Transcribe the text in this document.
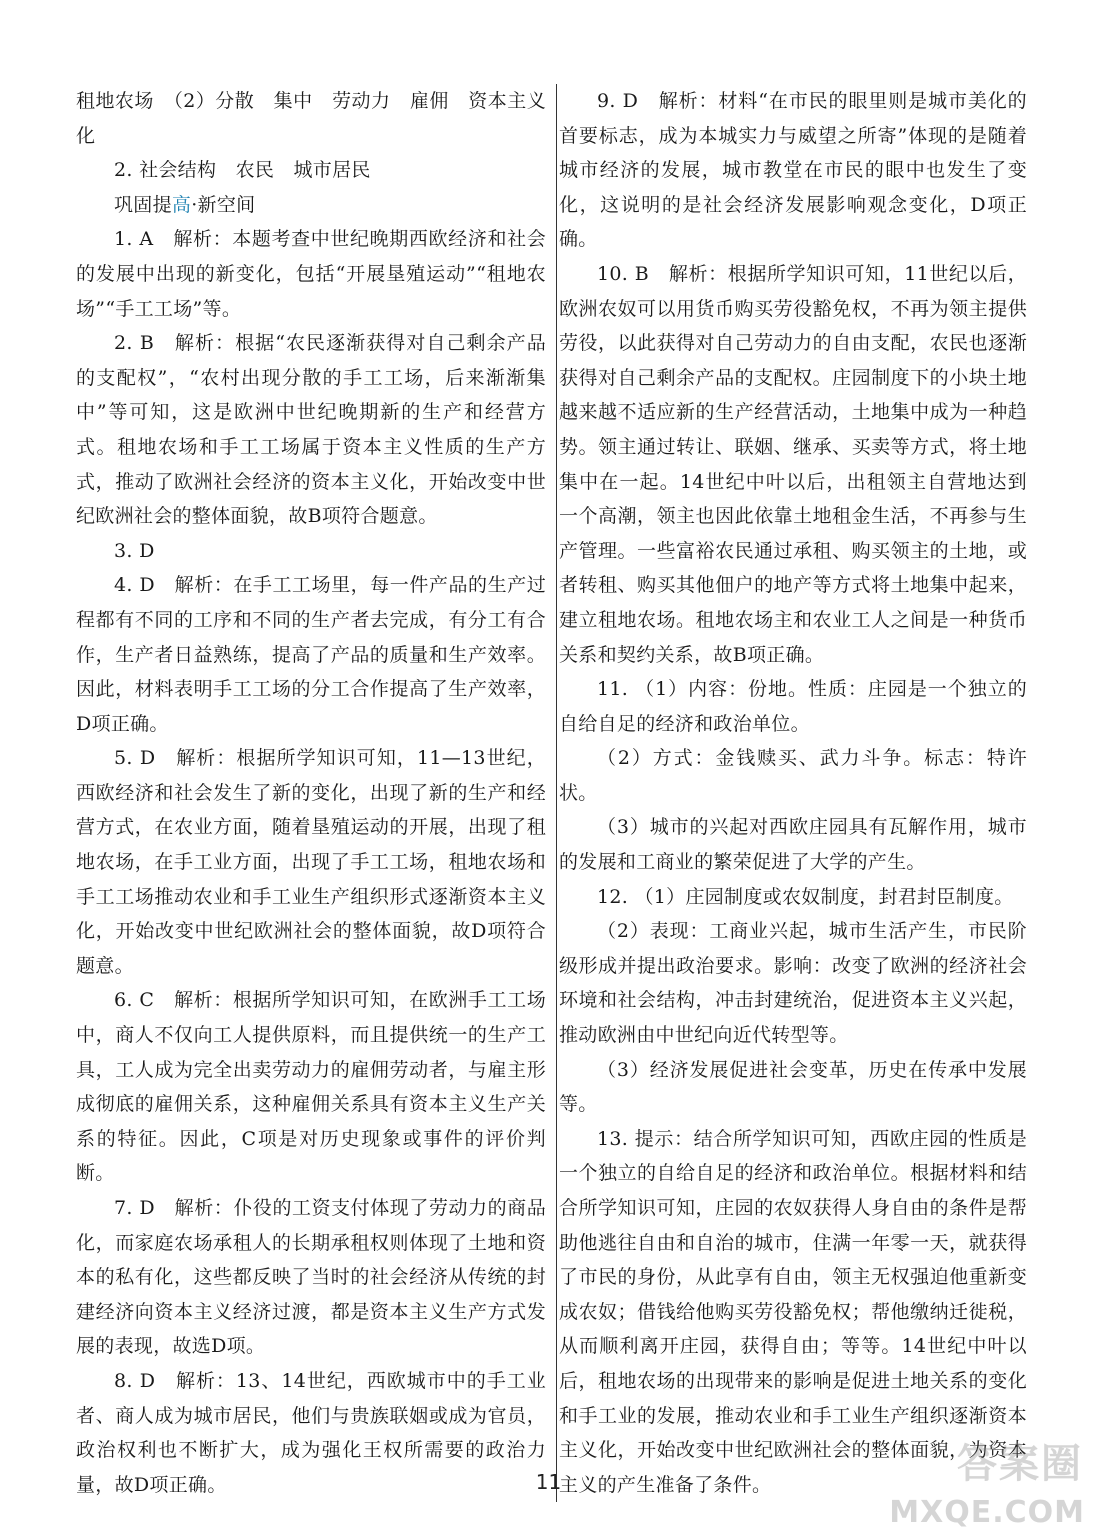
租地农场　（2）分散　集中　劳动力　雇佣　资本主义化

2. 社会结构　农民　城市居民

巩固提高·新空间

1. A　解析：本题考查中世纪晚期西欧经济和社会的发展中出现的新变化，包括“开展垦殖运动”“租地农场”“手工工场”等。

2. B　解析：根据“农民逐渐获得对自己剩余产品的支配权”，“农村出现分散的手工工场，后来渐渐集中”等可知，这是欧洲中世纪晚期新的生产和经营方式。租地农场和手工工场属于资本主义性质的生产方式，推动了欧洲社会经济的资本主义化，开始改变中世纪欧洲社会的整体面貌，故B项符合题意。

3. D

4. D　解析：在手工工场里，每一件产品的生产过程都有不同的工序和不同的生产者去完成，有分工有合作，生产者日益熟练，提高了产品的质量和生产效率。因此，材料表明手工工场的分工合作提高了生产效率，D项正确。

5. D　解析：根据所学知识可知，11—13世纪，西欧经济和社会发生了新的变化，出现了新的生产和经营方式，在农业方面，随着垦殖运动的开展，出现了租地农场，在手工业方面，出现了手工工场，租地农场和手工工场推动农业和手工业生产组织形式逐渐资本主义化，开始改变中世纪欧洲社会的整体面貌，故D项符合题意。

6. C　解析：根据所学知识可知，在欧洲手工工场中，商人不仅向工人提供原料，而且提供统一的生产工具，工人成为完全出卖劳动力的雇佣劳动者，与雇主形成彻底的雇佣关系，这种雇佣关系具有资本主义生产关系的特征。因此，C项是对历史现象或事件的评价判断。

7. D　解析：仆役的工资支付体现了劳动力的商品化，而家庭农场承租人的长期承租权则体现了土地和资本的私有化，这些都反映了当时的社会经济从传统的封建经济向资本主义经济过渡，都是资本主义生产方式发展的表现，故选D项。

8. D　解析：13、14世纪，西欧城市中的手工业者、商人成为城市居民，他们与贵族联姻或成为官员，政治权利也不断扩大，成为强化王权所需要的政治力量，故D项正确。

9. D　解析：材料“在市民的眼里则是城市美化的首要标志，成为本城实力与威望之所寄”体现的是随着城市经济的发展，城市教堂在市民的眼中也发生了变化，这说明的是社会经济发展影响观念变化，D项正确。

10. B　解析：根据所学知识可知，11世纪以后，欧洲农奴可以用货币购买劳役豁免权，不再为领主提供劳役，以此获得对自己劳动力的自由支配，农民也逐渐获得对自己剩余产品的支配权。庄园制度下的小块土地越来越不适应新的生产经营活动，土地集中成为一种趋势。领主通过转让、联姻、继承、买卖等方式，将土地集中在一起。14世纪中叶以后，出租领主自营地达到一个高潮，领主也因此依靠土地租金生活，不再参与生产管理。一些富裕农民通过承租、购买领主的土地，或者转租、购买其他佃户的地产等方式将土地集中起来，建立租地农场。租地农场主和农业工人之间是一种货币关系和契约关系，故B项正确。

11. （1）内容：份地。性质：庄园是一个独立的自给自足的经济和政治单位。

（2）方式：金钱赎买、武力斗争。标志：特许状。

（3）城市的兴起对西欧庄园具有瓦解作用，城市的发展和工商业的繁荣促进了大学的产生。

12. （1）庄园制度或农奴制度，封君封臣制度。

（2）表现：工商业兴起，城市生活产生，市民阶级形成并提出政治要求。影响：改变了欧洲的经济社会环境和社会结构，冲击封建统治，促进资本主义兴起，推动欧洲由中世纪向近代转型等。

（3）经济发展促进社会变革，历史在传承中发展等。

13. 提示：结合所学知识可知，西欧庄园的性质是一个独立的自给自足的经济和政治单位。根据材料和结合所学知识可知，庄园的农奴获得人身自由的条件是帮助他逃往自由和自治的城市，住满一年零一天，就获得了市民的身份，从此享有自由，领主无权强迫他重新变成农奴；借钱给他购买劳役豁免权；帮他缴纳迁徙税，从而顺利离开庄园，获得自由；等等。14世纪中叶以后，租地农场的出现带来的影响是促进土地关系的变化和手工业的发展，推动农业和手工业生产组织逐渐资本主义化，开始改变中世纪欧洲社会的整体面貌，为资本主义的产生准备了条件。

11	答案圈
MXQE.COM
